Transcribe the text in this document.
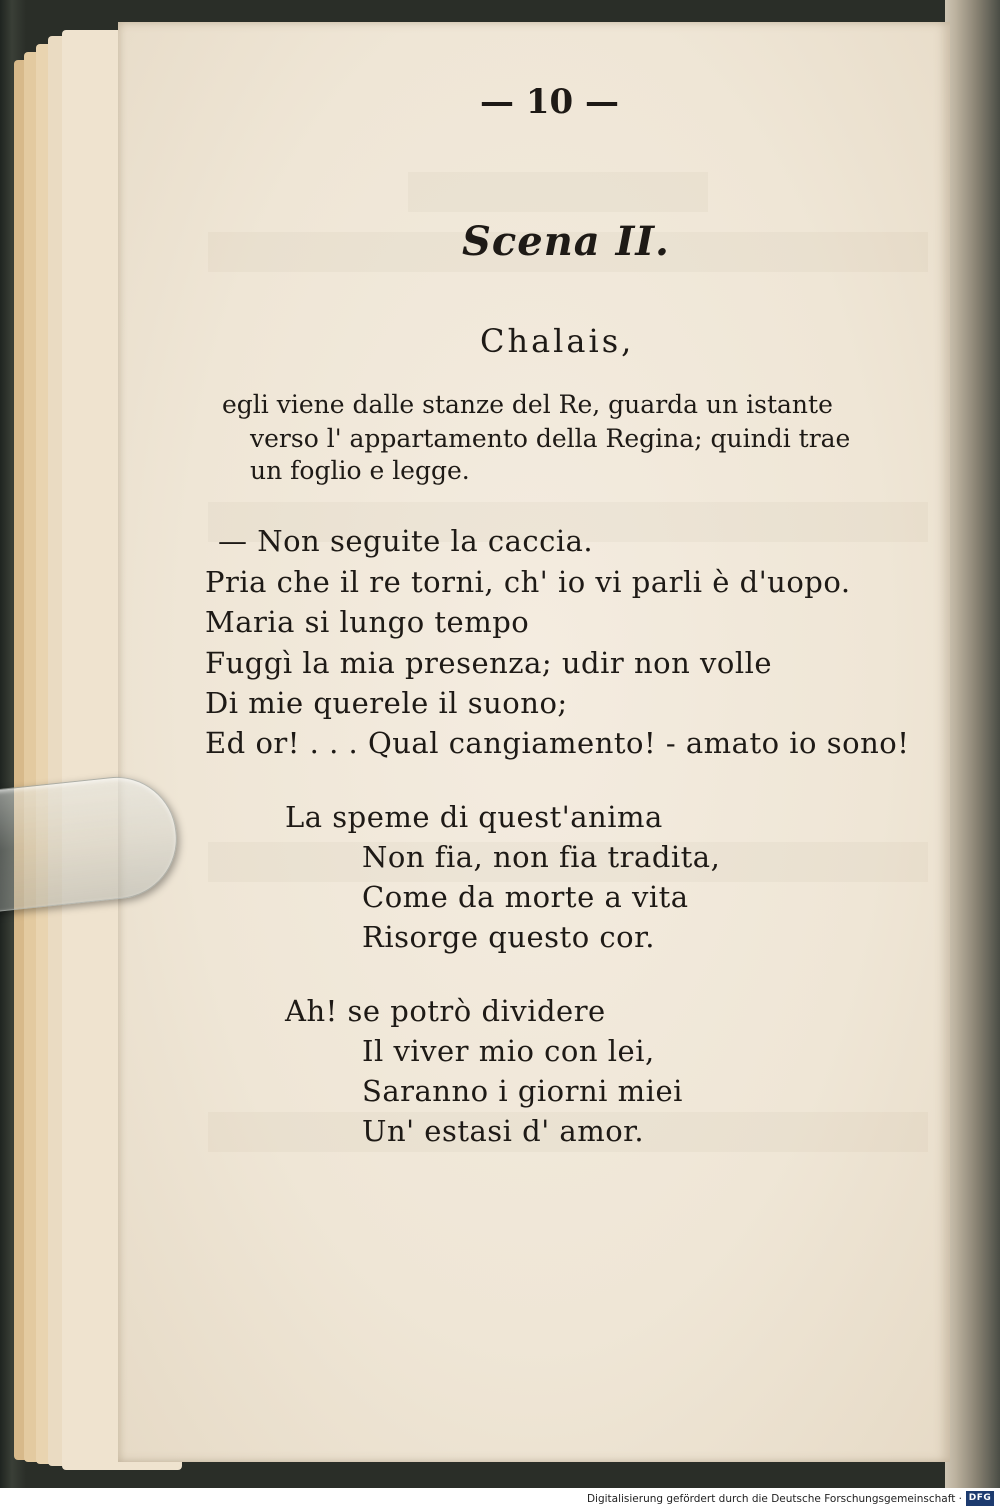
— 10 —
Scena II.
Chalais,
egli viene dalle stanze del Re, guarda un istante
verso l' appartamento della Regina; quindi trae
un foglio e legge.
— Non seguite la caccia.
Pria che il re torni, ch' io vi parli è d'uopo.
Maria si lungo tempo
Fuggì la mia presenza; udir non volle
Di mie querele il suono;
Ed or! . . . Qual cangiamento! - amato io sono!
La speme di quest'anima
Non fia, non fia tradita,
Come da morte a vita
Risorge questo cor.
Ah! se potrò dividere
Il viver mio con lei,
Saranno i giorni miei
Un' estasi d' amor.
Digitalisierung gefördert durch die Deutsche Forschungsgemeinschaft · DFG
